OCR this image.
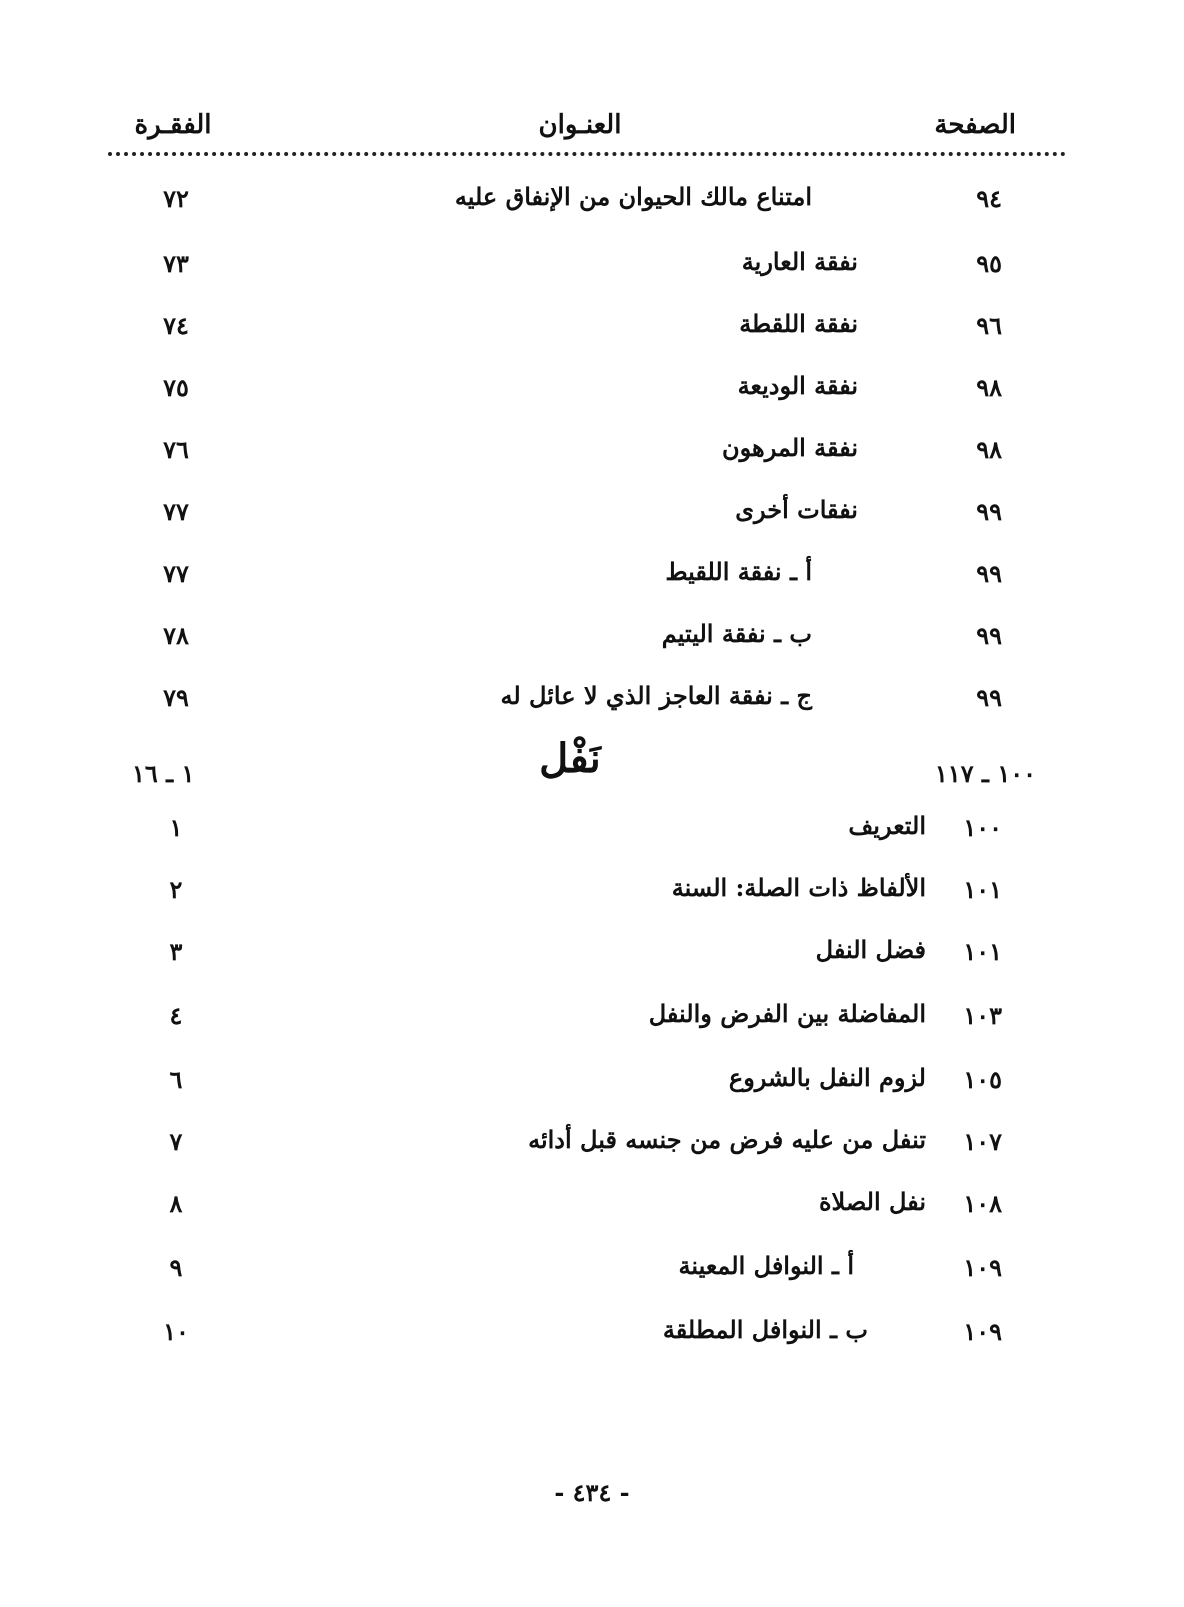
الصفحة
العنـوان
الفقـرة
٩٤
امتناع مالك الحيوان من الإنفاق عليه
٧٢
٩٥
نفقة العارية
٧٣
٩٦
نفقة اللقطة
٧٤
٩٨
نفقة الوديعة
٧٥
٩٨
نفقة المرهون
٧٦
٩٩
نفقات أخرى
٧٧
٩٩
أ ـ نفقة اللقيط
٧٧
٩٩
ب ـ نفقة اليتيم
٧٨
٩٩
ج ـ نفقة العاجز الذي لا عائل له
٧٩
١٠٠ ـ ١١٧
نَفْل
١ ـ ١٦
١٠٠
التعريف
١
١٠١
الألفاظ ذات الصلة: السنة
٢
١٠١
فضل النفل
٣
١٠٣
المفاضلة بين الفرض والنفل
٤
١٠٥
لزوم النفل بالشروع
٦
١٠٧
تنفل من عليه فرض من جنسه قبل أدائه
٧
١٠٨
نفل الصلاة
٨
١٠٩
أ ـ النوافل المعينة
٩
١٠٩
ب ـ النوافل المطلقة
١٠
- ٤٣٤ -
